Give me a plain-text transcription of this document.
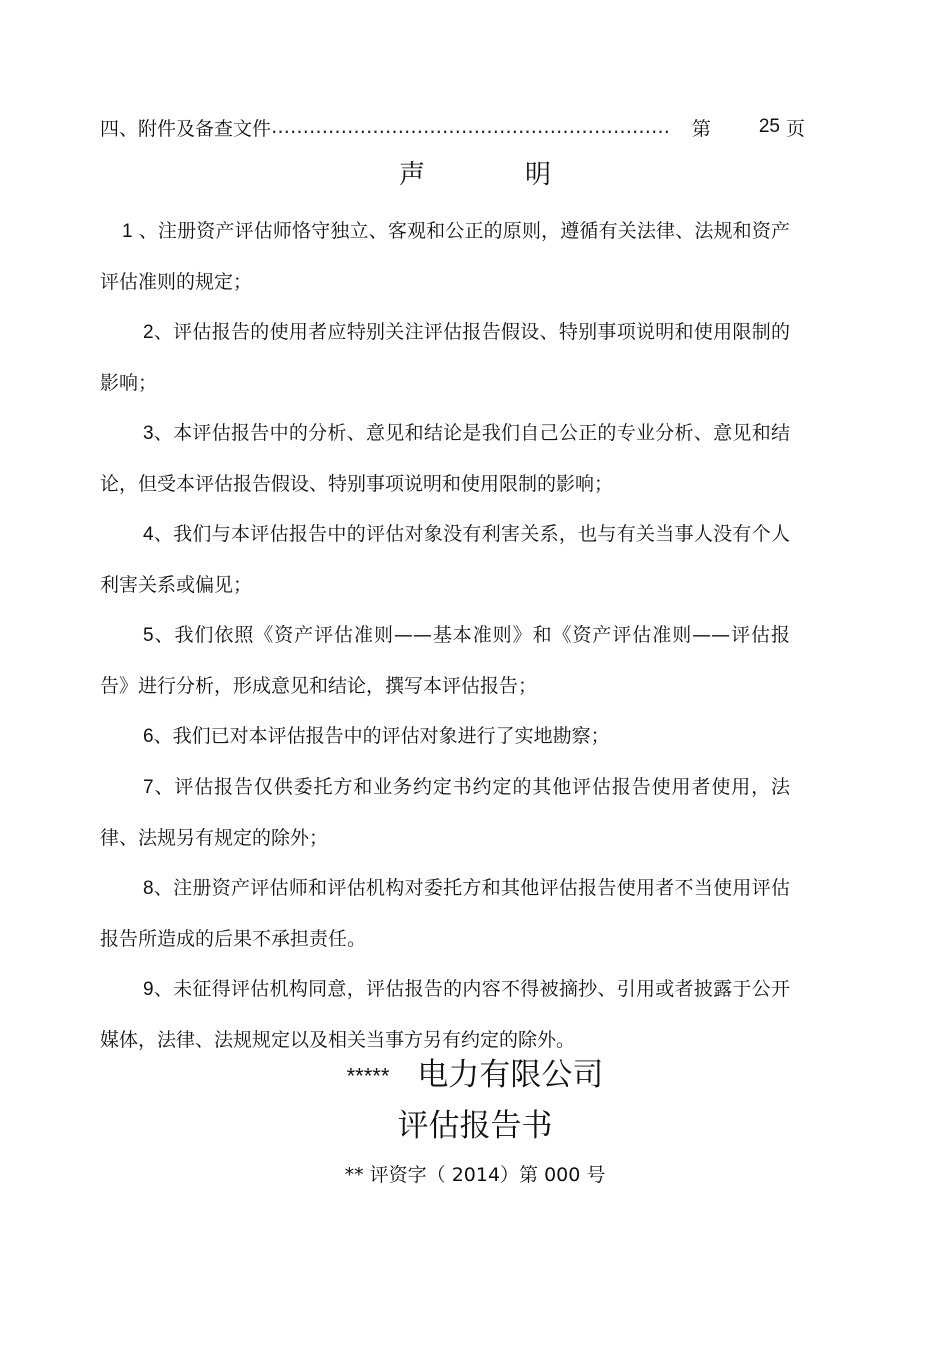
四、附件及备查文件 ………………………………………………………	第	25 页
声	明

1 、注册资产评估师恪守独立、客观和公正的原则，遵循有关法律、法规和资产评估准则的规定；

2、评估报告的使用者应特别关注评估报告假设、特别事项说明和使用限制的影响；

3、本评估报告中的分析、意见和结论是我们自己公正的专业分析、意见和结论，但受本评估报告假设、特别事项说明和使用限制的影响；

4、我们与本评估报告中的评估对象没有利害关系，也与有关当事人没有个人利害关系或偏见；

5、我们依照《资产评估准则——基本准则》和《资产评估准则——评估报告》进行分析，形成意见和结论，撰写本评估报告；

6、我们已对本评估报告中的评估对象进行了实地勘察；

7、评估报告仅供委托方和业务约定书约定的其他评估报告使用者使用，法律、法规另有规定的除外；

8、注册资产评估师和评估机构对委托方和其他评估报告使用者不当使用评估报告所造成的后果不承担责任。

9、未征得评估机构同意，评估报告的内容不得被摘抄、引用或者披露于公开媒体，法律、法规规定以及相关当事方另有约定的除外。

***** 电力有限公司
评估报告书
** 评资字（ 2014）第 000 号
